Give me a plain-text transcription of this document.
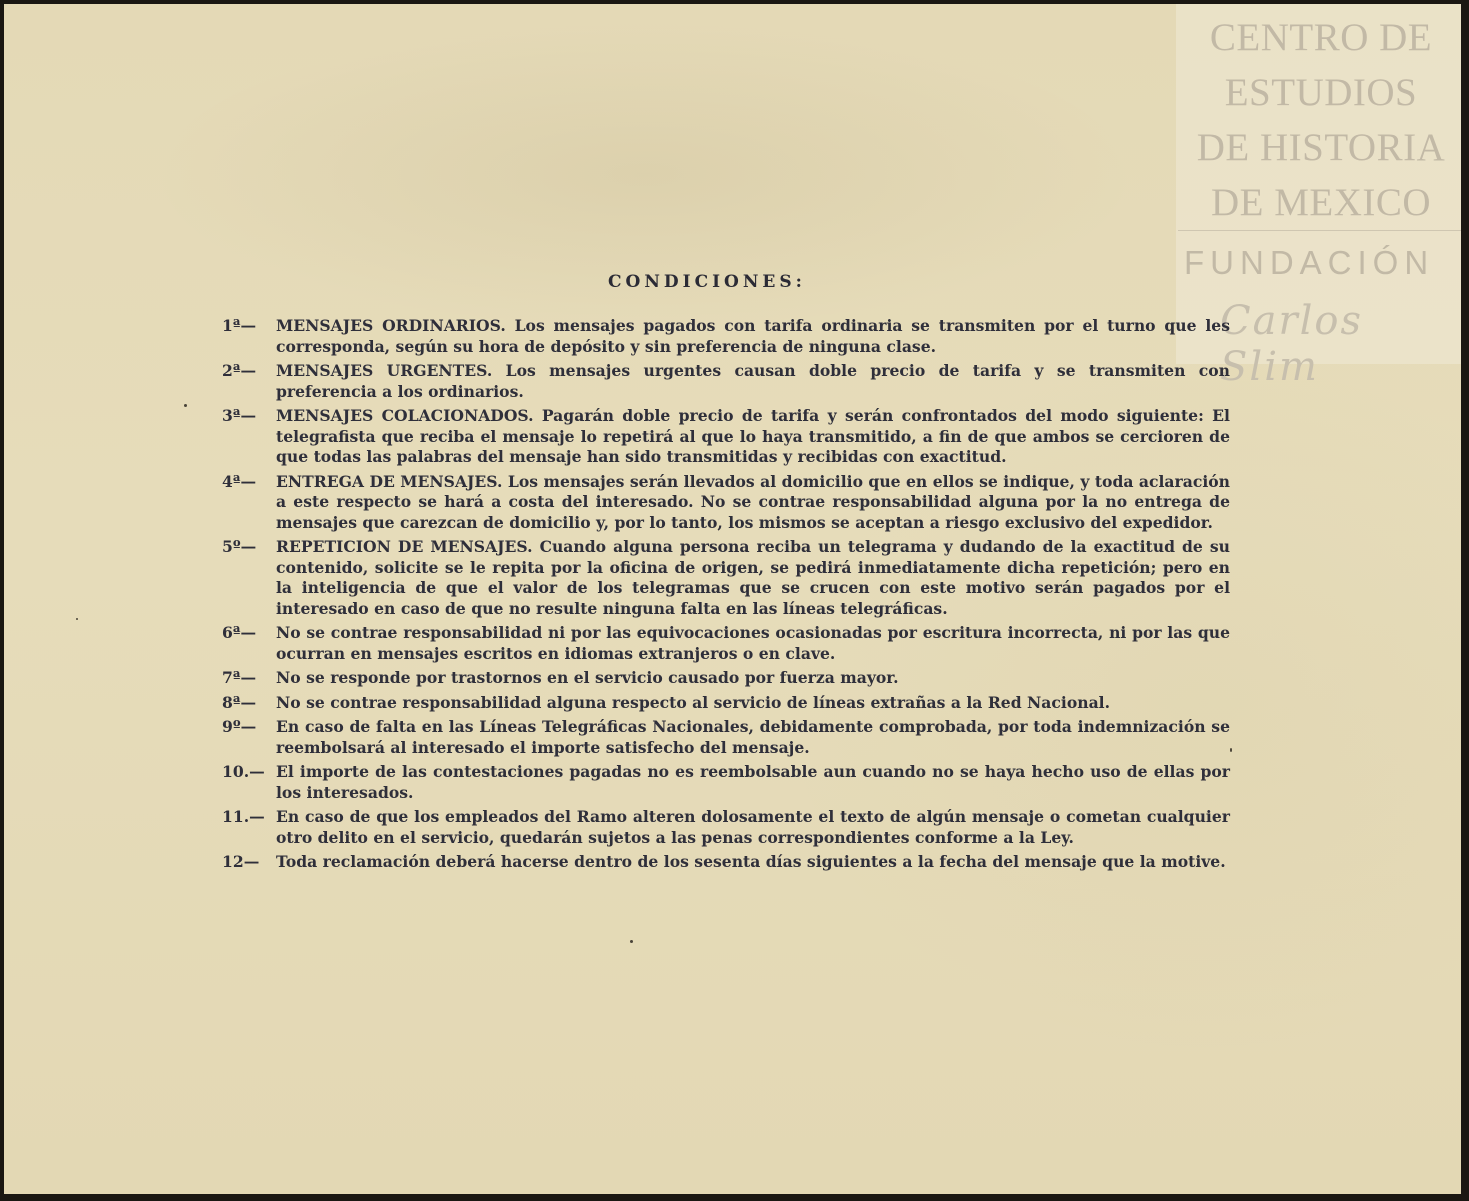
CENTRO DE
ESTUDIOS
DE HISTORIA
DE MEXICO
FUNDACIÓN
Carlos Slim
CONDICIONES:
1ª—	MENSAJES ORDINARIOS. Los mensajes pagados con tarifa ordinaria se transmiten por el turno que les corresponda, según su hora de depósito y sin preferencia de ninguna clase.
2ª—	MENSAJES URGENTES. Los mensajes urgentes causan doble precio de tarifa y se transmiten con preferencia a los ordinarios.
3ª—	MENSAJES COLACIONADOS. Pagarán doble precio de tarifa y serán confrontados del modo siguiente: El telegrafista que reciba el mensaje lo repetirá al que lo haya transmitido, a fin de que ambos se cercioren de que todas las palabras del mensaje han sido transmitidas y recibidas con exactitud.
4ª—	ENTREGA DE MENSAJES. Los mensajes serán llevados al domicilio que en ellos se indique, y toda aclaración a este respecto se hará a costa del interesado. No se contrae responsabilidad alguna por la no entrega de mensajes que carezcan de domicilio y, por lo tanto, los mismos se aceptan a riesgo exclusivo del expedidor.
5º—	REPETICION DE MENSAJES. Cuando alguna persona reciba un telegrama y dudando de la exactitud de su contenido, solicite se le repita por la oficina de origen, se pedirá inmediatamente dicha repetición; pero en la inteligencia de que el valor de los telegramas que se crucen con este motivo serán pagados por el interesado en caso de que no resulte ninguna falta en las líneas telegráficas.
6ª—	No se contrae responsabilidad ni por las equivocaciones ocasionadas por escritura incorrecta, ni por las que ocurran en mensajes escritos en idiomas extranjeros o en clave.
7ª—	No se responde por trastornos en el servicio causado por fuerza mayor.
8ª—	No se contrae responsabilidad alguna respecto al servicio de líneas extrañas a la Red Nacional.
9º—	En caso de falta en las Líneas Telegráficas Nacionales, debidamente comprobada, por toda indemnización se reembolsará al interesado el importe satisfecho del mensaje.
10.— El importe de las contestaciones pagadas no es reembolsable aun cuando no se haya hecho uso de ellas por los interesados.
11.— En caso de que los empleados del Ramo alteren dolosamente el texto de algún mensaje o cometan cualquier otro delito en el servicio, quedarán sujetos a las penas correspondientes conforme a la Ley.
12—	Toda reclamación deberá hacerse dentro de los sesenta días siguientes a la fecha del mensaje que la motive.
